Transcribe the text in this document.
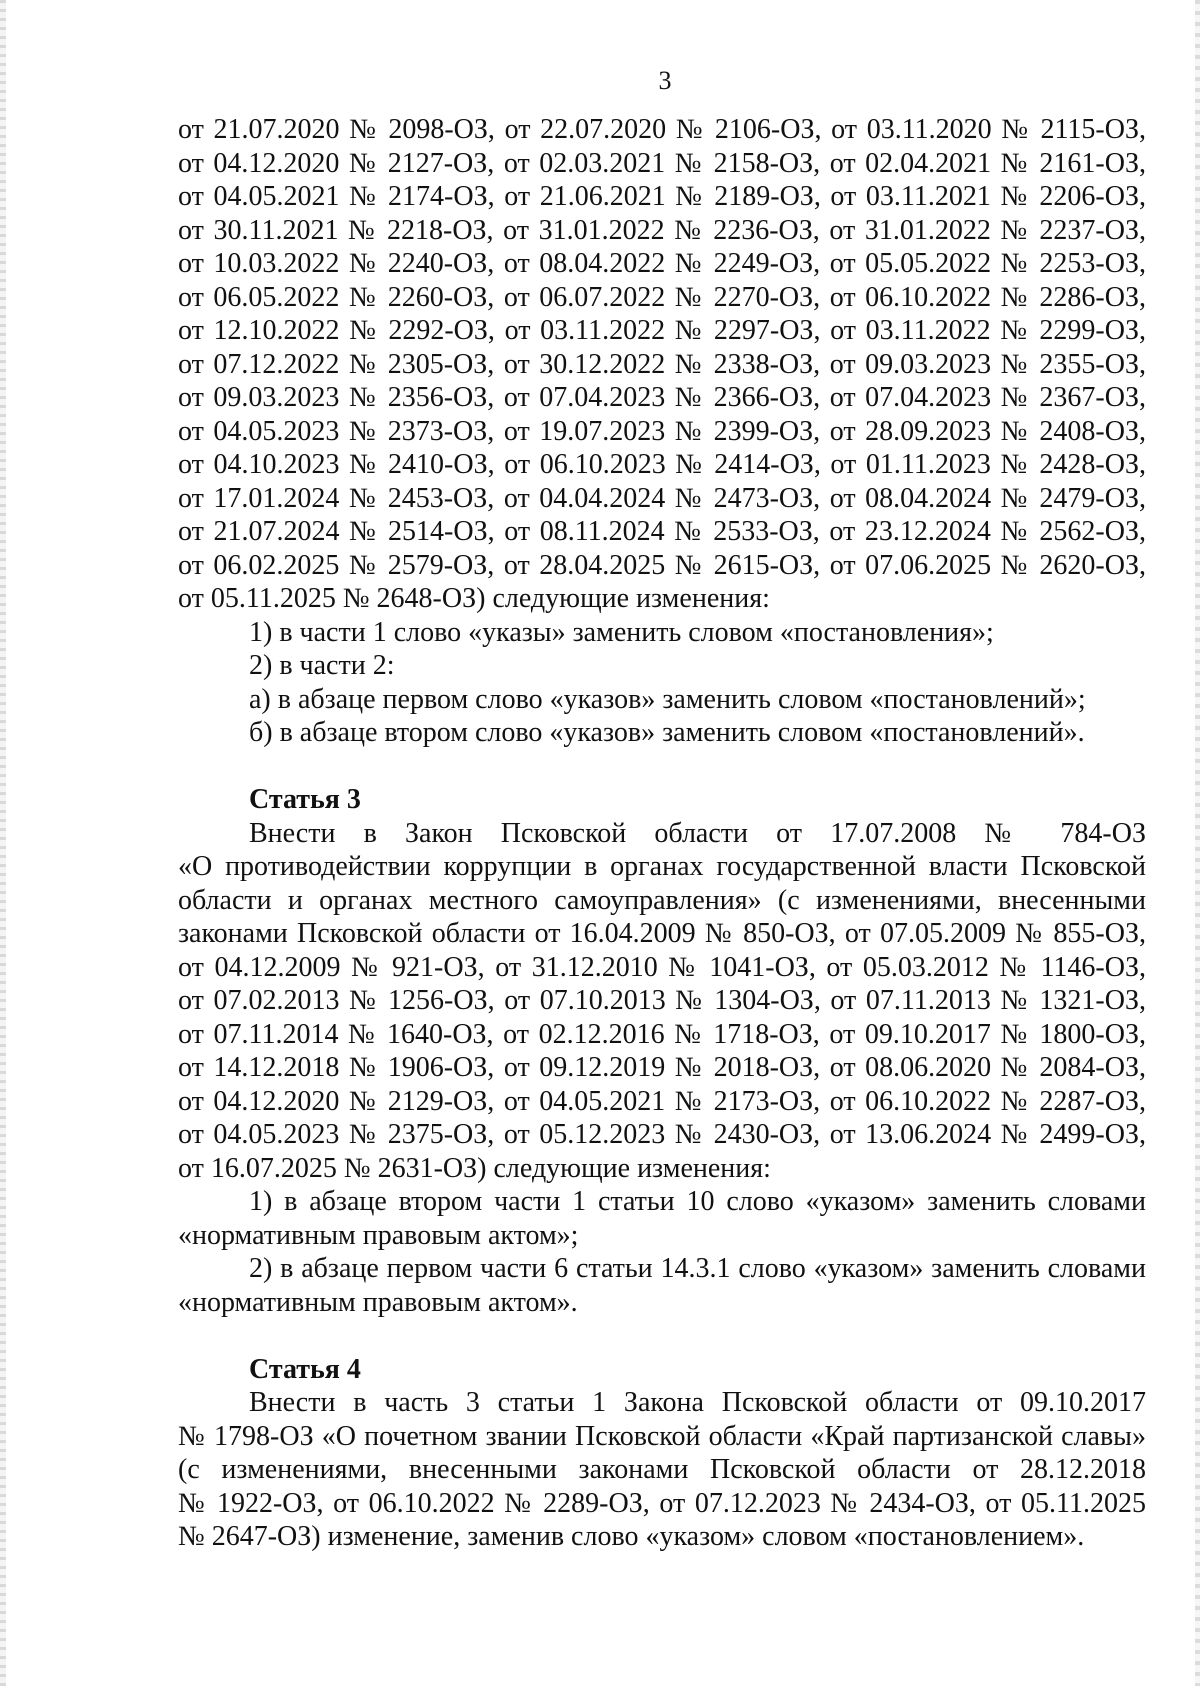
3
от 21.07.2020 № 2098-ОЗ, от 22.07.2020 № 2106-ОЗ, от 03.11.2020 № 2115-ОЗ,
от 04.12.2020 № 2127-ОЗ, от 02.03.2021 № 2158-ОЗ, от 02.04.2021 № 2161-ОЗ,
от 04.05.2021 № 2174-ОЗ, от 21.06.2021 № 2189-ОЗ, от 03.11.2021 № 2206-ОЗ,
от 30.11.2021 № 2218-ОЗ, от 31.01.2022 № 2236-ОЗ, от 31.01.2022 № 2237-ОЗ,
от 10.03.2022 № 2240-ОЗ, от 08.04.2022 № 2249-ОЗ, от 05.05.2022 № 2253-ОЗ,
от 06.05.2022 № 2260-ОЗ, от 06.07.2022 № 2270-ОЗ, от 06.10.2022 № 2286-ОЗ,
от 12.10.2022 № 2292-ОЗ, от 03.11.2022 № 2297-ОЗ, от 03.11.2022 № 2299-ОЗ,
от 07.12.2022 № 2305-ОЗ, от 30.12.2022 № 2338-ОЗ, от 09.03.2023 № 2355-ОЗ,
от 09.03.2023 № 2356-ОЗ, от 07.04.2023 № 2366-ОЗ, от 07.04.2023 № 2367-ОЗ,
от 04.05.2023 № 2373-ОЗ, от 19.07.2023 № 2399-ОЗ, от 28.09.2023 № 2408-ОЗ,
от 04.10.2023 № 2410-ОЗ, от 06.10.2023 № 2414-ОЗ, от 01.11.2023 № 2428-ОЗ,
от 17.01.2024 № 2453-ОЗ, от 04.04.2024 № 2473-ОЗ, от 08.04.2024 № 2479-ОЗ,
от 21.07.2024 № 2514-ОЗ, от 08.11.2024 № 2533-ОЗ, от 23.12.2024 № 2562-ОЗ,
от 06.02.2025 № 2579-ОЗ, от 28.04.2025 № 2615-ОЗ, от 07.06.2025 № 2620-ОЗ,
от 05.11.2025 № 2648-ОЗ) следующие изменения:
1) в части 1 слово «указы» заменить словом «постановления»;
2) в части 2:
а) в абзаце первом слово «указов» заменить словом «постановлений»;
б) в абзаце втором слово «указов» заменить словом «постановлений».
Статья 3
Внести в Закон Псковской области от 17.07.2008 № 784-ОЗ
«О противодействии коррупции в органах государственной власти Псковской
области и органах местного самоуправления» (с изменениями, внесенными
законами Псковской области от 16.04.2009 № 850-ОЗ, от 07.05.2009 № 855-ОЗ,
от 04.12.2009 № 921-ОЗ, от 31.12.2010 № 1041-ОЗ, от 05.03.2012 № 1146-ОЗ,
от 07.02.2013 № 1256-ОЗ, от 07.10.2013 № 1304-ОЗ, от 07.11.2013 № 1321-ОЗ,
от 07.11.2014 № 1640-ОЗ, от 02.12.2016 № 1718-ОЗ, от 09.10.2017 № 1800-ОЗ,
от 14.12.2018 № 1906-ОЗ, от 09.12.2019 № 2018-ОЗ, от 08.06.2020 № 2084-ОЗ,
от 04.12.2020 № 2129-ОЗ, от 04.05.2021 № 2173-ОЗ, от 06.10.2022 № 2287-ОЗ,
от 04.05.2023 № 2375-ОЗ, от 05.12.2023 № 2430-ОЗ, от 13.06.2024 № 2499-ОЗ,
от 16.07.2025 № 2631-ОЗ) следующие изменения:
1) в абзаце втором части 1 статьи 10 слово «указом» заменить словами
«нормативным правовым актом»;
2) в абзаце первом части 6 статьи 14.3.1 слово «указом» заменить словами
«нормативным правовым актом».
Статья 4
Внести в часть 3 статьи 1 Закона Псковской области от 09.10.2017
№ 1798-ОЗ «О почетном звании Псковской области «Край партизанской славы»
(с изменениями, внесенными законами Псковской области от 28.12.2018
№ 1922-ОЗ, от 06.10.2022 № 2289-ОЗ, от 07.12.2023 № 2434-ОЗ, от 05.11.2025
№ 2647-ОЗ) изменение, заменив слово «указом» словом «постановлением».
